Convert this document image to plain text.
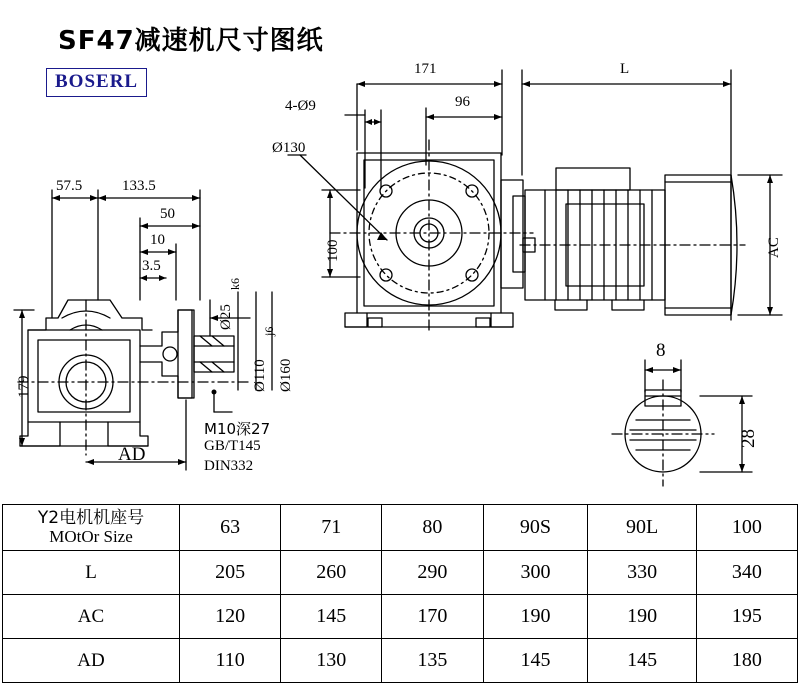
SF47减速机尺寸图纸
BOSERL
171	L
96
4-Ø9
Ø130
100	AC
8
28
57.5	133.5
50
10
3.5
179
AD
Ø25
k6
Ø110
j6
Ø160
M10深27
GB/T145
DIN332
Y2电机机座号
MOtOr Size	63	71	80	90S	90L	100
L	205	260	290	300	330	340
AC	120	145	170	190	190	195
AD	110	130	135	145	145	180
